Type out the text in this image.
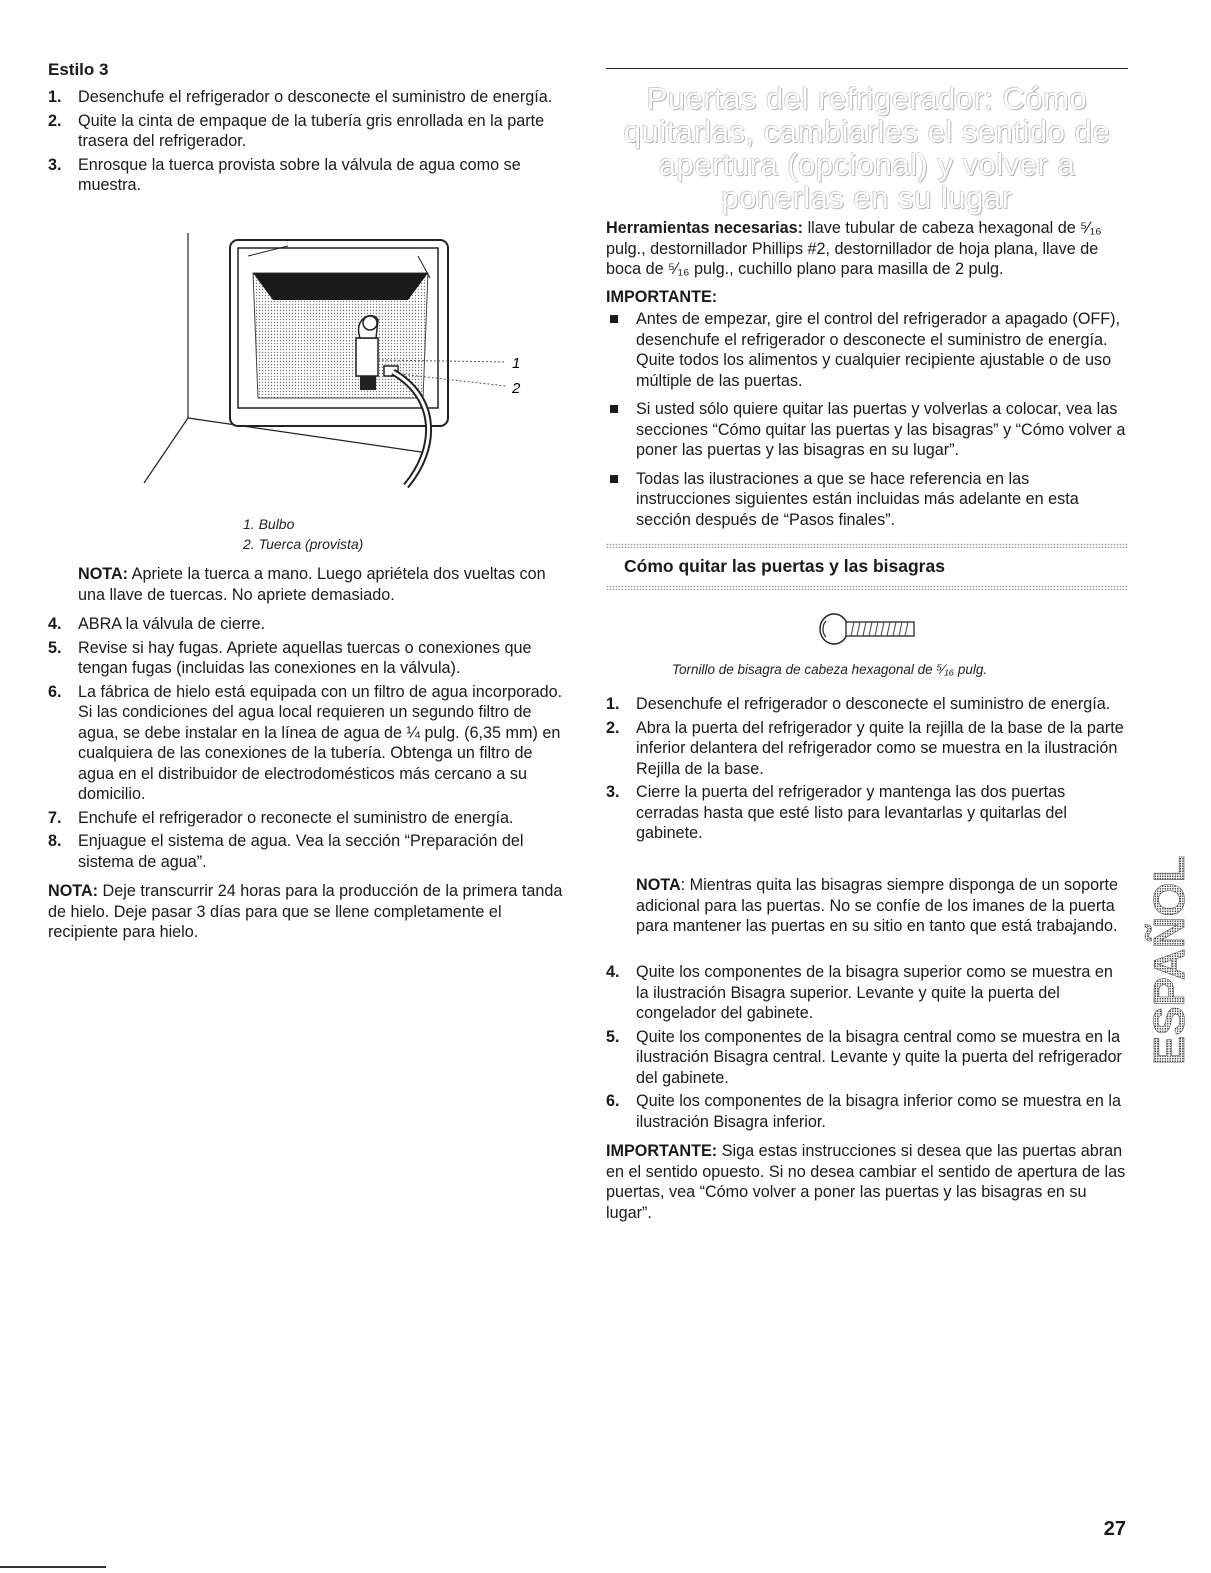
Estilo 3
1. Desenchufe el refrigerador o desconecte el suministro de energía.
2. Quite la cinta de empaque de la tubería gris enrollada en la parte trasera del refrigerador.
3. Enrosque la tuerca provista sobre la válvula de agua como se muestra.
1
2
1. Bulbo
2. Tuerca (provista)
NOTA: Apriete la tuerca a mano. Luego apriétela dos vueltas con una llave de tuercas. No apriete demasiado.
4. ABRA la válvula de cierre.
5. Revise si hay fugas. Apriete aquellas tuercas o conexiones que tengan fugas (incluidas las conexiones en la válvula).
6. La fábrica de hielo está equipada con un filtro de agua incorporado. Si las condiciones del agua local requieren un segundo filtro de agua, se debe instalar en la línea de agua de ¼ pulg. (6,35 mm) en cualquiera de las conexiones de la tubería. Obtenga un filtro de agua en el distribuidor de electrodomésticos más cercano a su domicilio.
7. Enchufe el refrigerador o reconecte el suministro de energía.
8. Enjuague el sistema de agua. Vea la sección “Preparación del sistema de agua”.
NOTA: Deje transcurrir 24 horas para la producción de la primera tanda de hielo. Deje pasar 3 días para que se llene completamente el recipiente para hielo.
Puertas del refrigerador: Cómo quitarlas, cambiarles el sentido de apertura (opcional) y volver a ponerlas en su lugar
Herramientas necesarias: llave tubular de cabeza hexagonal de ⁵⁄₁₆ pulg., destornillador Phillips #2, destornillador de hoja plana, llave de boca de ⁵⁄₁₆ pulg., cuchillo plano para masilla de 2 pulg.
IMPORTANTE:
Antes de empezar, gire el control del refrigerador a apagado (OFF), desenchufe el refrigerador o desconecte el suministro de energía. Quite todos los alimentos y cualquier recipiente ajustable o de uso múltiple de las puertas.
Si usted sólo quiere quitar las puertas y volverlas a colocar, vea las secciones “Cómo quitar las puertas y las bisagras” y “Cómo volver a poner las puertas y las bisagras en su lugar”.
Todas las ilustraciones a que se hace referencia en las instrucciones siguientes están incluidas más adelante en esta sección después de “Pasos finales”.
Cómo quitar las puertas y las bisagras
Tornillo de bisagra de cabeza hexagonal de ⁵⁄₁₆ pulg.
1. Desenchufe el refrigerador o desconecte el suministro de energía.
2. Abra la puerta del refrigerador y quite la rejilla de la base de la parte inferior delantera del refrigerador como se muestra en la ilustración Rejilla de la base.
3. Cierre la puerta del refrigerador y mantenga las dos puertas cerradas hasta que esté listo para levantarlas y quitarlas del gabinete.
NOTA: Mientras quita las bisagras siempre disponga de un soporte adicional para las puertas. No se confíe de los imanes de la puerta para mantener las puertas en su sitio en tanto que está trabajando.
4. Quite los componentes de la bisagra superior como se muestra en la ilustración Bisagra superior. Levante y quite la puerta del congelador del gabinete.
5. Quite los componentes de la bisagra central como se muestra en la ilustración Bisagra central. Levante y quite la puerta del refrigerador del gabinete.
6. Quite los componentes de la bisagra inferior como se muestra en la ilustración Bisagra inferior.
IMPORTANTE: Siga estas instrucciones si desea que las puertas abran en el sentido opuesto. Si no desea cambiar el sentido de apertura de las puertas, vea “Cómo volver a poner las puertas y las bisagras en su lugar”.
ESPAÑOL
27
